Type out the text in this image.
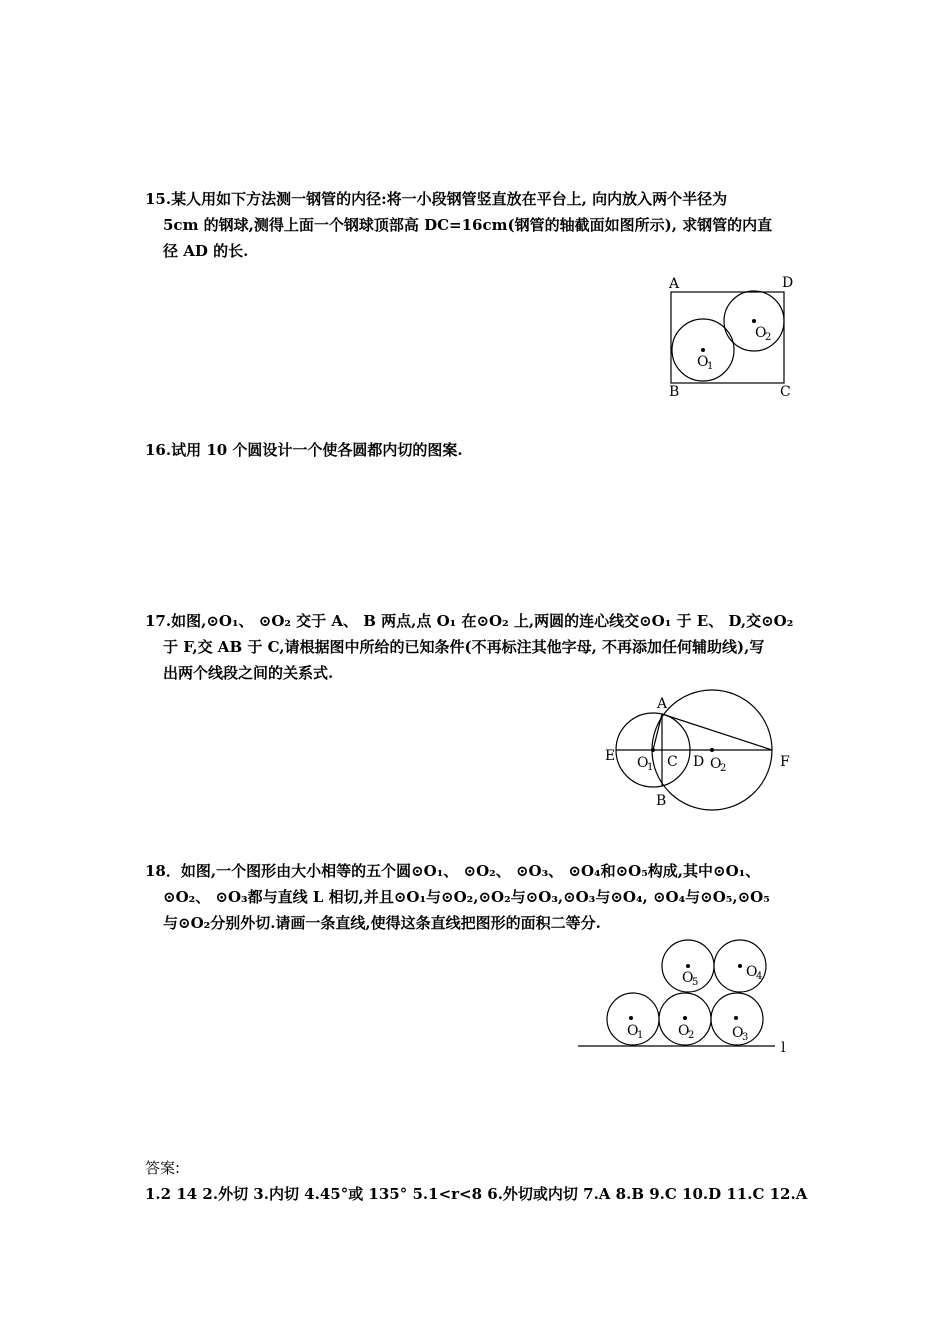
15.某人用如下方法测一钢管的内径:将一小段钢管竖直放在平台上, 向内放入两个半径为

5cm 的钢球,测得上面一个钢球顶部高 DC=16cm(钢管的轴截面如图所示), 求钢管的内直

径 AD 的长.

A	D
B	C
O
1
O
2

16.试用 10 个圆设计一个使各圆都内切的图案.

17.如图,⊙O₁、 ⊙O₂ 交于 A、 B 两点,点 O₁ 在⊙O₂ 上,两圆的连心线交⊙O₁ 于 E、 D,交⊙O₂

于 F,交 AB 于 C,请根据图中所给的已知条件(不再标注其他字母, 不再添加任何辅助线),写

出两个线段之间的关系式.

A
B
E	C D	F
O
1	O
2

18．如图,一个图形由大小相等的五个圆⊙O₁、 ⊙O₂、 ⊙O₃、 ⊙O₄和⊙O₅构成,其中⊙O₁、

⊙O₂、 ⊙O₃都与直线 L 相切,并且⊙O₁与⊙O₂,⊙O₂与⊙O₃,⊙O₃与⊙O₄, ⊙O₄与⊙O₅,⊙O₅

与⊙O₂分别外切.请画一条直线,使得这条直线把图形的面积二等分.

O
1 O
2	O
3
O
5
O
4
l
答案:
1.2 14 2.外切 3.内切 4.45°或 135° 5.1<r<8 6.外切或内切 7.A 8.B 9.C 10.D 11.C 12.A
